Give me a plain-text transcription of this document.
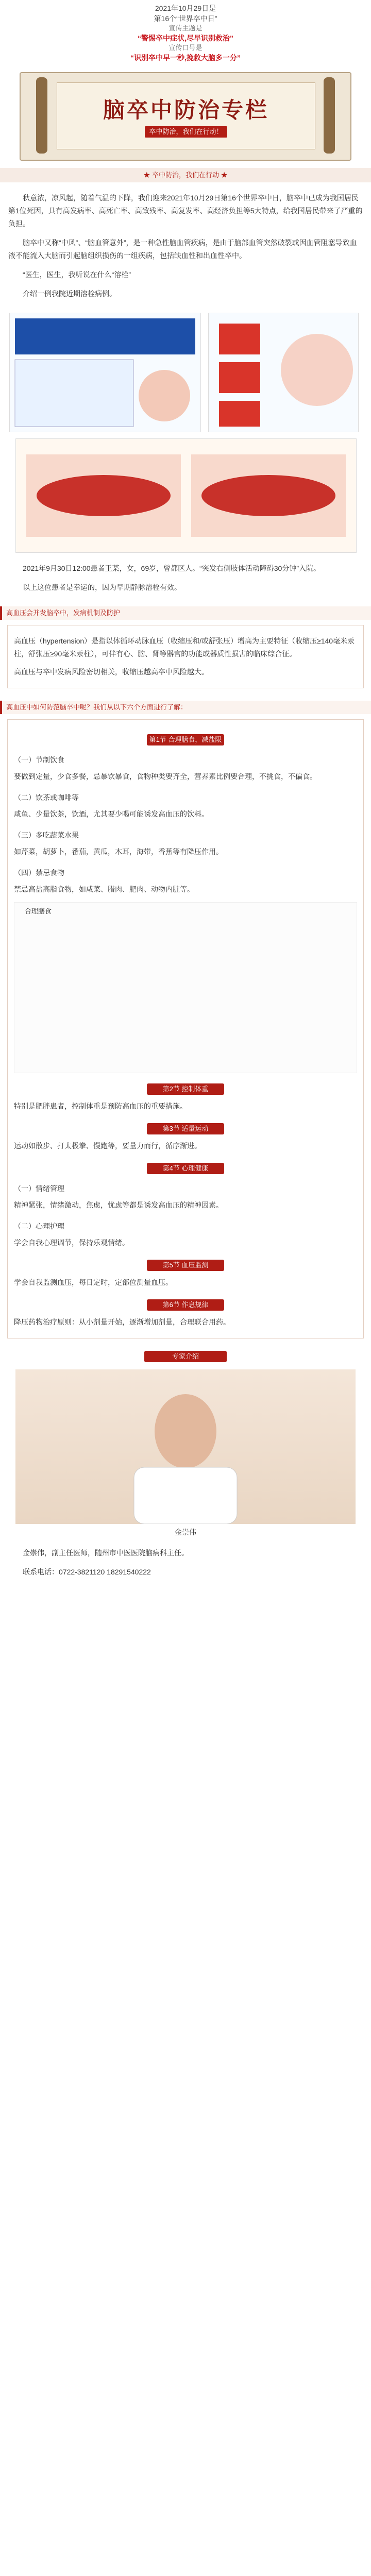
2021年10月29日是
第16个“世界卒中日”
宣传主题是
“警惕卒中症状,尽早识别救治”
宣传口号是
“识别卒中早一秒,挽救大脑多一分”
脑卒中防治专栏
卒中防治，我们在行动！
★ 卒中防治，我们在行动 ★

秋意浓，凉风起，随着气温的下降，我们迎来2021年10月29日第16个世界卒中日，脑卒中已成为我国居民第1位死因，具有高发病率、高死亡率、高致残率、高复发率、高经济负担等5大特点，给我国居民带来了严重的负担。

脑卒中又称“中风”、“脑血管意外”，是一种急性脑血管疾病，是由于脑部血管突然破裂或因血管阻塞导致血液不能流入大脑而引起脑组织损伤的一组疾病，包括缺血性和出血性卒中。

“医生，医生，我听说在什么“溶栓”

介绍一例我院近期溶栓病例。

2021年9月30日12:00患者王某，女，69岁，曾都区人。“突发右侧肢体活动障碍30分钟”入院。

以上这位患者是幸运的，因为早期静脉溶栓有效。

高血压会并发脑卒中，发病机制及防护

高血压（hypertension）是指以体循环动脉血压（收缩压和/或舒张压）增高为主要特征（收缩压≥140毫米汞柱，舒张压≥90毫米汞柱），可伴有心、脑、肾等器官的功能或器质性损害的临床综合征。

高血压与卒中发病风险密切相关，收缩压越高卒中风险越大。

高血压中如何防范脑卒中呢？我们从以下六个方面进行了解：
第1节 合理膳食，减盐限酒
（一）节制饮食

要做到定量，少食多餐，忌暴饮暴食，食物种类要齐全，营养素比例要合理，不挑食，不偏食。

（二）饮茶或咖啡等

咸鱼、少量饮茶，饮酒，尤其要少喝可能诱发高血压的饮料。

（三）多吃蔬菜水果

如芹菜，胡萝卜，番茄，黄瓜，木耳，海带，香蕉等有降压作用。

（四）禁忌食物

禁忌高盐高脂食物，如咸菜、腊肉、肥肉、动物内脏等。

合理膳食
第2节 控制体重

特别是肥胖患者，控制体重是预防高血压的重要措施。

第3节 适量运动

运动如散步、打太极拳、慢跑等，要量力而行，循序渐进。

第4节 心理健康
（一）情绪管理

精神紧张，情绪激动，焦虑，忧虑等都是诱发高血压的精神因素。

（二）心理护理

学会自我心理调节，保持乐观情绪。

第5节 血压监测

学会自我监测血压，每日定时，定部位测量血压。

第6节 作息规律

降压药物治疗原则：从小剂量开始，逐渐增加剂量，合理联合用药。

专家介绍
金崇伟

金崇伟，副主任医师，随州市中医医院脑病科主任。

联系电话：0722-3821120 18291540222
